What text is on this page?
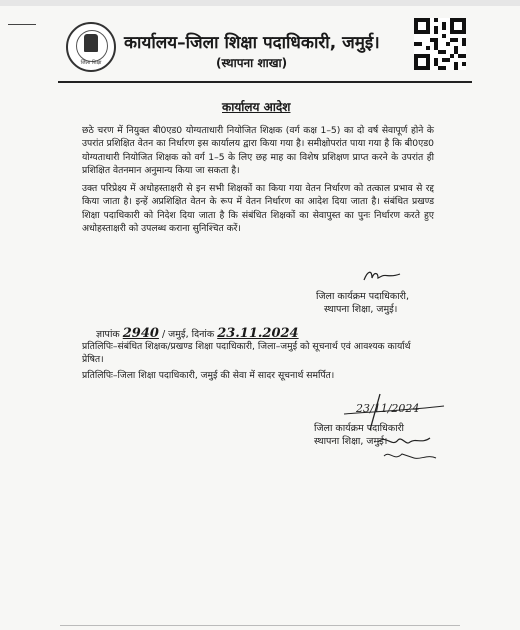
जिला शिक्षा
कार्यालय–जिला शिक्षा पदाधिकारी, जमुई।
(स्थापना शाखा)
कार्यालय आदेश
छठे चरण में नियुक्त बी0एड0 योग्यताधारी नियोजित शिक्षक (वर्ग कक्ष 1–5) का दो वर्ष सेवापूर्ण होने के उपरांत प्रशिक्षित वेतन का निर्धारण इस कार्यालय द्वारा किया गया है। समीक्षोपरांत पाया गया है कि बी0एड0 योग्यताधारी नियोजित शिक्षक को वर्ग 1–5 के लिए छह माह का विशेष प्रशिक्षण प्राप्त करने के उपरांत ही प्रशिक्षित वेतनमान अनुमान्य किया जा सकता है।
उक्त परिप्रेक्ष्य में अधोहस्ताक्षरी से इन सभी शिक्षकों का किया गया वेतन निर्धारण को तत्काल प्रभाव से रद्द किया जाता है। इन्हें अप्रशिक्षित वेतन के रूप में वेतन निर्धारण का आदेश दिया जाता है। संबंधित प्रखण्ड शिक्षा पदाधिकारी को निदेश दिया जाता है कि संबंधित शिक्षकों का सेवापुस्त का पुनः निर्धारण करते हुए अधोहस्ताक्षरी को उपलब्ध कराना सुनिश्चित करें।
जिला कार्यक्रम पदाधिकारी,
स्थापना शिक्षा, जमुई।
ज्ञापांक 2940 / जमुई, दिनांक 23.11.2024
प्रतिलिपिः–संबंधित शिक्षक/प्रखण्ड शिक्षा पदाधिकारी, जिला–जमुई को सूचनार्थ एवं आवश्यक कार्यार्थ प्रेषित।
प्रतिलिपिः–जिला शिक्षा पदाधिकारी, जमुई की सेवा में सादर सूचनार्थ समर्पित।
23/11/2024
जिला कार्यक्रम पदाधिकारी
स्थापना शिक्षा, जमुई।
